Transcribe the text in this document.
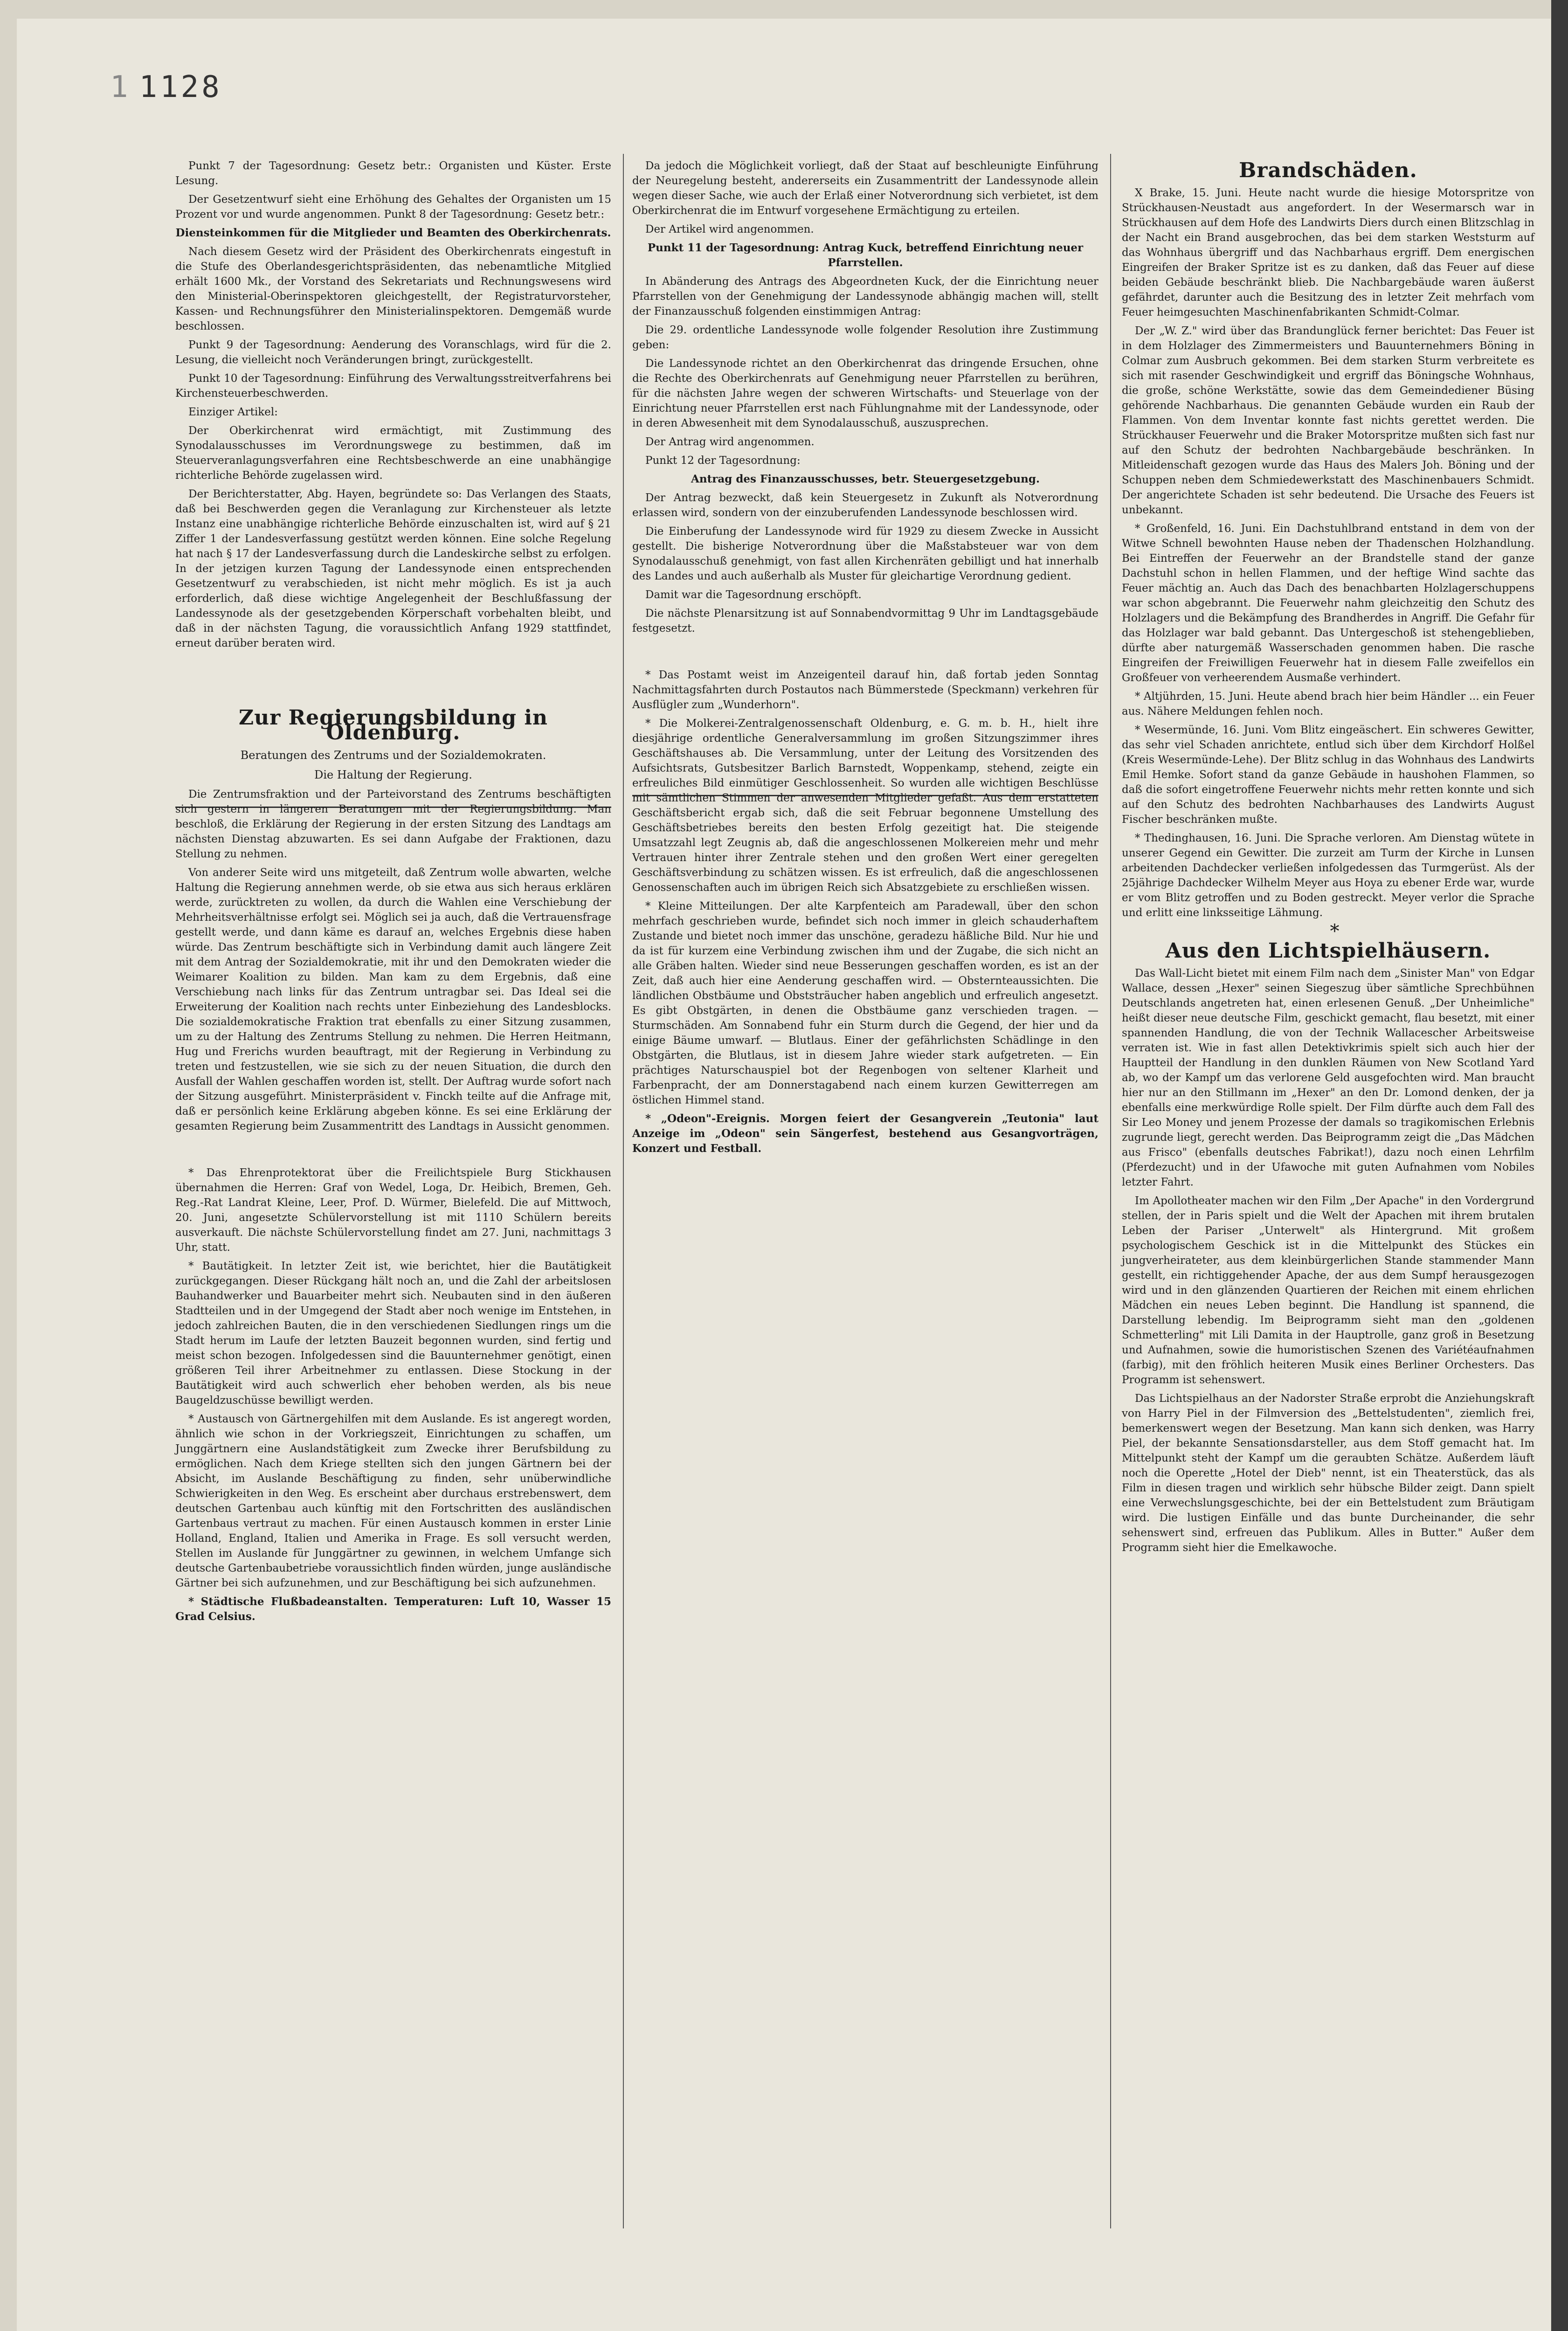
1 1128

Punkt 7 der Tagesordnung: Gesetz betr.: Organisten und Küster. Erste Lesung.

Der Gesetzentwurf sieht eine Erhöhung des Gehaltes der Organisten um 15 Prozent vor und wurde angenommen. Punkt 8 der Tagesordnung: Gesetz betr.:

Diensteinkommen für die Mitglieder und Beamten des Oberkirchenrats.

Nach diesem Gesetz wird der Präsident des Oberkirchenrats eingestuft in die Stufe des Oberlandesgerichtspräsidenten, das nebenamtliche Mitglied erhält 1600 Mk., der Vorstand des Sekretariats und Rechnungswesens wird den Ministerial-Oberinspektoren gleichgestellt, der Registraturvorsteher, Kassen- und Rechnungsführer den Ministerialinspektoren. Demgemäß wurde beschlossen.

Punkt 9 der Tagesordnung: Aenderung des Voranschlags, wird für die 2. Lesung, die vielleicht noch Veränderungen bringt, zurückgestellt.

Punkt 10 der Tagesordnung: Einführung des Verwaltungsstreitverfahrens bei Kirchensteuerbeschwerden.

Einziger Artikel:

Der Oberkirchenrat wird ermächtigt, mit Zustimmung des Synodalausschusses im Verordnungswege zu bestimmen, daß im Steuerveranlagungsverfahren eine Rechtsbeschwerde an eine unabhängige richterliche Behörde zugelassen wird.

Der Berichterstatter, Abg. Hayen, begründete so: Das Verlangen des Staats, daß bei Beschwerden gegen die Veranlagung zur Kirchensteuer als letzte Instanz eine unabhängige richterliche Behörde einzuschalten ist, wird auf § 21 Ziffer 1 der Landesverfassung gestützt werden können. Eine solche Regelung hat nach § 17 der Landesverfassung durch die Landeskirche selbst zu erfolgen. In der jetzigen kurzen Tagung der Landessynode einen entsprechenden Gesetzentwurf zu verabschieden, ist nicht mehr möglich. Es ist ja auch erforderlich, daß diese wichtige Angelegenheit der Beschlußfassung der Landessynode als der gesetzgebenden Körperschaft vorbehalten bleibt, und daß in der nächsten Tagung, die voraussichtlich Anfang 1929 stattfindet, erneut darüber beraten wird.

Zur Regierungsbildung in Oldenburg.

Beratungen des Zentrums und der Sozialdemokraten.

Die Haltung der Regierung.

Die Zentrumsfraktion und der Parteivorstand des Zentrums beschäftigten sich gestern in längeren Beratungen mit der Regierungsbildung. Man beschloß, die Erklärung der Regierung in der ersten Sitzung des Landtags am nächsten Dienstag abzuwarten. Es sei dann Aufgabe der Fraktionen, dazu Stellung zu nehmen.

Von anderer Seite wird uns mitgeteilt, daß Zentrum wolle abwarten, welche Haltung die Regierung annehmen werde, ob sie etwa aus sich heraus erklären werde, zurücktreten zu wollen, da durch die Wahlen eine Verschiebung der Mehrheitsverhältnisse erfolgt sei. Möglich sei ja auch, daß die Vertrauensfrage gestellt werde, und dann käme es darauf an, welches Ergebnis diese haben würde. Das Zentrum beschäftigte sich in Verbindung damit auch längere Zeit mit dem Antrag der Sozialdemokratie, mit ihr und den Demokraten wieder die Weimarer Koalition zu bilden. Man kam zu dem Ergebnis, daß eine Verschiebung nach links für das Zentrum untragbar sei. Das Ideal sei die Erweiterung der Koalition nach rechts unter Einbeziehung des Landesblocks. Die sozialdemokratische Fraktion trat ebenfalls zu einer Sitzung zusammen, um zu der Haltung des Zentrums Stellung zu nehmen. Die Herren Heitmann, Hug und Frerichs wurden beauftragt, mit der Regierung in Verbindung zu treten und festzustellen, wie sie sich zu der neuen Situation, die durch den Ausfall der Wahlen geschaffen worden ist, stellt. Der Auftrag wurde sofort nach der Sitzung ausgeführt. Ministerpräsident v. Finckh teilte auf die Anfrage mit, daß er persönlich keine Erklärung abgeben könne. Es sei eine Erklärung der gesamten Regierung beim Zusammentritt des Landtags in Aussicht genommen.

* Das Ehrenprotektorat über die Freilichtspiele Burg Stickhausen übernahmen die Herren: Graf von Wedel, Loga, Dr. Heibich, Bremen, Geh. Reg.-Rat Landrat Kleine, Leer, Prof. D. Würmer, Bielefeld. Die auf Mittwoch, 20. Juni, angesetzte Schülervorstellung ist mit 1110 Schülern bereits ausverkauft. Die nächste Schülervorstellung findet am 27. Juni, nachmittags 3 Uhr, statt.

* Bautätigkeit. In letzter Zeit ist, wie berichtet, hier die Bautätigkeit zurückgegangen. Dieser Rückgang hält noch an, und die Zahl der arbeitslosen Bauhandwerker und Bauarbeiter mehrt sich. Neubauten sind in den äußeren Stadtteilen und in der Umgegend der Stadt aber noch wenige im Entstehen, in jedoch zahlreichen Bauten, die in den verschiedenen Siedlungen rings um die Stadt herum im Laufe der letzten Bauzeit begonnen wurden, sind fertig und meist schon bezogen. Infolgedessen sind die Bauunternehmer genötigt, einen größeren Teil ihrer Arbeitnehmer zu entlassen. Diese Stockung in der Bautätigkeit wird auch schwerlich eher behoben werden, als bis neue Baugeldzuschüsse bewilligt werden.

* Austausch von Gärtnergehilfen mit dem Auslande. Es ist angeregt worden, ähnlich wie schon in der Vorkriegszeit, Einrichtungen zu schaffen, um Junggärtnern eine Auslandstätigkeit zum Zwecke ihrer Berufsbildung zu ermöglichen. Nach dem Kriege stellten sich den jungen Gärtnern bei der Absicht, im Auslande Beschäftigung zu finden, sehr unüberwindliche Schwierigkeiten in den Weg. Es erscheint aber durchaus erstrebenswert, dem deutschen Gartenbau auch künftig mit den Fortschritten des ausländischen Gartenbaus vertraut zu machen. Für einen Austausch kommen in erster Linie Holland, England, Italien und Amerika in Frage. Es soll versucht werden, Stellen im Auslande für Junggärtner zu gewinnen, in welchem Umfange sich deutsche Gartenbaubetriebe voraussichtlich finden würden, junge ausländische Gärtner bei sich aufzunehmen, und zur Beschäftigung bei sich aufzunehmen.

* Städtische Flußbadeanstalten. Temperaturen: Luft 10, Wasser 15 Grad Celsius.

Da jedoch die Möglichkeit vorliegt, daß der Staat auf beschleunigte Einführung der Neuregelung besteht, andererseits ein Zusammentritt der Landessynode allein wegen dieser Sache, wie auch der Erlaß einer Notverordnung sich verbietet, ist dem Oberkirchenrat die im Entwurf vorgesehene Ermächtigung zu erteilen.

Der Artikel wird angenommen.

Punkt 11 der Tagesordnung: Antrag Kuck, betreffend Einrichtung neuer Pfarrstellen.

In Abänderung des Antrags des Abgeordneten Kuck, der die Einrichtung neuer Pfarrstellen von der Genehmigung der Landessynode abhängig machen will, stellt der Finanzausschuß folgenden einstimmigen Antrag:

Die 29. ordentliche Landessynode wolle folgender Resolution ihre Zustimmung geben:

Die Landessynode richtet an den Oberkirchenrat das dringende Ersuchen, ohne die Rechte des Oberkirchenrats auf Genehmigung neuer Pfarrstellen zu berühren, für die nächsten Jahre wegen der schweren Wirtschafts- und Steuerlage von der Einrichtung neuer Pfarrstellen erst nach Fühlungnahme mit der Landessynode, oder in deren Abwesenheit mit dem Synodalausschuß, auszusprechen.

Der Antrag wird angenommen.

Punkt 12 der Tagesordnung:

Antrag des Finanzausschusses, betr. Steuergesetzgebung.

Der Antrag bezweckt, daß kein Steuergesetz in Zukunft als Notverordnung erlassen wird, sondern von der einzuberufenden Landessynode beschlossen wird.

Die Einberufung der Landessynode wird für 1929 zu diesem Zwecke in Aussicht gestellt. Die bisherige Notverordnung über die Maßstabsteuer war von dem Synodalausschuß genehmigt, von fast allen Kirchenräten gebilligt und hat innerhalb des Landes und auch außerhalb als Muster für gleichartige Verordnung gedient.

Damit war die Tagesordnung erschöpft.

Die nächste Plenarsitzung ist auf Sonnabendvormittag 9 Uhr im Landtagsgebäude festgesetzt.

* Das Postamt weist im Anzeigenteil darauf hin, daß fortab jeden Sonntag Nachmittagsfahrten durch Postautos nach Bümmerstede (Speckmann) verkehren für Ausflügler zum „Wunderhorn".

* Die Molkerei-Zentralgenossenschaft Oldenburg, e. G. m. b. H., hielt ihre diesjährige ordentliche Generalversammlung im großen Sitzungszimmer ihres Geschäftshauses ab. Die Versammlung, unter der Leitung des Vorsitzenden des Aufsichtsrats, Gutsbesitzer Barlich Barnstedt, Woppenkamp, stehend, zeigte ein erfreuliches Bild einmütiger Geschlossenheit. So wurden alle wichtigen Beschlüsse mit sämtlichen Stimmen der anwesenden Mitglieder gefaßt. Aus dem erstatteten Geschäftsbericht ergab sich, daß die seit Februar begonnene Umstellung des Geschäftsbetriebes bereits den besten Erfolg gezeitigt hat. Die steigende Umsatzzahl legt Zeugnis ab, daß die angeschlossenen Molkereien mehr und mehr Vertrauen hinter ihrer Zentrale stehen und den großen Wert einer geregelten Geschäftsverbindung zu schätzen wissen. Es ist erfreulich, daß die angeschlossenen Genossenschaften auch im übrigen Reich sich Absatzgebiete zu erschließen wissen.

* Kleine Mitteilungen. Der alte Karpfenteich am Paradewall, über den schon mehrfach geschrieben wurde, befindet sich noch immer in gleich schauderhaftem Zustande und bietet noch immer das unschöne, geradezu häßliche Bild. Nur hie und da ist für kurzem eine Verbindung zwischen ihm und der Zugabe, die sich nicht an alle Gräben halten. Wieder sind neue Besserungen geschaffen worden, es ist an der Zeit, daß auch hier eine Aenderung geschaffen wird. — Obsternteaussichten. Die ländlichen Obstbäume und Obststräucher haben angeblich und erfreulich angesetzt. Es gibt Obstgärten, in denen die Obstbäume ganz verschieden tragen. — Sturmschäden. Am Sonnabend fuhr ein Sturm durch die Gegend, der hier und da einige Bäume umwarf. — Blutlaus. Einer der gefährlichsten Schädlinge in den Obstgärten, die Blutlaus, ist in diesem Jahre wieder stark aufgetreten. — Ein prächtiges Naturschauspiel bot der Regenbogen von seltener Klarheit und Farbenpracht, der am Donnerstagabend nach einem kurzen Gewitterregen am östlichen Himmel stand.

* „Odeon"-Ereignis. Morgen feiert der Gesangverein „Teutonia" laut Anzeige im „Odeon" sein Sängerfest, bestehend aus Gesangvorträgen, Konzert und Festball.

Brandschäden.

X Brake, 15. Juni. Heute nacht wurde die hiesige Motorspritze von Strückhausen-Neustadt aus angefordert. In der Wesermarsch war in Strückhausen auf dem Hofe des Landwirts Diers durch einen Blitzschlag in der Nacht ein Brand ausgebrochen, das bei dem starken Weststurm auf das Wohnhaus übergriff und das Nachbarhaus ergriff. Dem energischen Eingreifen der Braker Spritze ist es zu danken, daß das Feuer auf diese beiden Gebäude beschränkt blieb. Die Nachbargebäude waren äußerst gefährdet, darunter auch die Besitzung des in letzter Zeit mehrfach vom Feuer heimgesuchten Maschinenfabrikanten Schmidt-Colmar.

Der „W. Z." wird über das Brandunglück ferner berichtet: Das Feuer ist in dem Holzlager des Zimmermeisters und Bauunternehmers Böning in Colmar zum Ausbruch gekommen. Bei dem starken Sturm verbreitete es sich mit rasender Geschwindigkeit und ergriff das Böningsche Wohnhaus, die große, schöne Werkstätte, sowie das dem Gemeindediener Büsing gehörende Nachbarhaus. Die genannten Gebäude wurden ein Raub der Flammen. Von dem Inventar konnte fast nichts gerettet werden. Die Strückhauser Feuerwehr und die Braker Motorspritze mußten sich fast nur auf den Schutz der bedrohten Nachbargebäude beschränken. In Mitleidenschaft gezogen wurde das Haus des Malers Joh. Böning und der Schuppen neben dem Schmiedewerkstatt des Maschinenbauers Schmidt. Der angerichtete Schaden ist sehr bedeutend. Die Ursache des Feuers ist unbekannt.

* Großenfeld, 16. Juni. Ein Dachstuhlbrand entstand in dem von der Witwe Schnell bewohnten Hause neben der Thadenschen Holzhandlung. Bei Eintreffen der Feuerwehr an der Brandstelle stand der ganze Dachstuhl schon in hellen Flammen, und der heftige Wind sachte das Feuer mächtig an. Auch das Dach des benachbarten Holzlagerschuppens war schon abgebrannt. Die Feuerwehr nahm gleichzeitig den Schutz des Holzlagers und die Bekämpfung des Brandherdes in Angriff. Die Gefahr für das Holzlager war bald gebannt. Das Untergeschoß ist stehengeblieben, dürfte aber naturgemäß Wasserschaden genommen haben. Die rasche Eingreifen der Freiwilligen Feuerwehr hat in diesem Falle zweifellos ein Großfeuer von verheerendem Ausmaße verhindert.

* Altjührden, 15. Juni. Heute abend brach hier beim Händler ... ein Feuer aus. Nähere Meldungen fehlen noch.

* Wesermünde, 16. Juni. Vom Blitz eingeäschert. Ein schweres Gewitter, das sehr viel Schaden anrichtete, entlud sich über dem Kirchdorf Holßel (Kreis Wesermünde-Lehe). Der Blitz schlug in das Wohnhaus des Landwirts Emil Hemke. Sofort stand da ganze Gebäude in haushohen Flammen, so daß die sofort eingetroffene Feuerwehr nichts mehr retten konnte und sich auf den Schutz des bedrohten Nachbarhauses des Landwirts August Fischer beschränken mußte.

* Thedinghausen, 16. Juni. Die Sprache verloren. Am Dienstag wütete in unserer Gegend ein Gewitter. Die zurzeit am Turm der Kirche in Lunsen arbeitenden Dachdecker verließen infolgedessen das Turmgerüst. Als der 25jährige Dachdecker Wilhelm Meyer aus Hoya zu ebener Erde war, wurde er vom Blitz getroffen und zu Boden gestreckt. Meyer verlor die Sprache und erlitt eine linksseitige Lähmung.

*

Aus den Lichtspielhäusern.

Das Wall-Licht bietet mit einem Film nach dem „Sinister Man" von Edgar Wallace, dessen „Hexer" seinen Siegeszug über sämtliche Sprechbühnen Deutschlands angetreten hat, einen erlesenen Genuß. „Der Unheimliche" heißt dieser neue deutsche Film, geschickt gemacht, flau besetzt, mit einer spannenden Handlung, die von der Technik Wallacescher Arbeitsweise verraten ist. Wie in fast allen Detektivkrimis spielt sich auch hier der Hauptteil der Handlung in den dunklen Räumen von New Scotland Yard ab, wo der Kampf um das verlorene Geld ausgefochten wird. Man braucht hier nur an den Stillmann im „Hexer" an den Dr. Lomond denken, der ja ebenfalls eine merkwürdige Rolle spielt. Der Film dürfte auch dem Fall des Sir Leo Money und jenem Prozesse der damals so tragikomischen Erlebnis zugrunde liegt, gerecht werden. Das Beiprogramm zeigt die „Das Mädchen aus Frisco" (ebenfalls deutsches Fabrikat!), dazu noch einen Lehrfilm (Pferdezucht) und in der Ufawoche mit guten Aufnahmen vom Nobiles letzter Fahrt.

Im Apollotheater machen wir den Film „Der Apache" in den Vordergrund stellen, der in Paris spielt und die Welt der Apachen mit ihrem brutalen Leben der Pariser „Unterwelt" als Hintergrund. Mit großem psychologischem Geschick ist in die Mittelpunkt des Stückes ein jungverheirateter, aus dem kleinbürgerlichen Stande stammender Mann gestellt, ein richtiggehender Apache, der aus dem Sumpf herausgezogen wird und in den glänzenden Quartieren der Reichen mit einem ehrlichen Mädchen ein neues Leben beginnt. Die Handlung ist spannend, die Darstellung lebendig. Im Beiprogramm sieht man den „goldenen Schmetterling" mit Lili Damita in der Hauptrolle, ganz groß in Besetzung und Aufnahmen, sowie die humoristischen Szenen des Variétéaufnahmen (farbig), mit den fröhlich heiteren Musik eines Berliner Orchesters. Das Programm ist sehenswert.

Das Lichtspielhaus an der Nadorster Straße erprobt die Anziehungskraft von Harry Piel in der Filmversion des „Bettelstudenten", ziemlich frei, bemerkenswert wegen der Besetzung. Man kann sich denken, was Harry Piel, der bekannte Sensationsdarsteller, aus dem Stoff gemacht hat. Im Mittelpunkt steht der Kampf um die geraubten Schätze. Außerdem läuft noch die Operette „Hotel der Dieb" nennt, ist ein Theaterstück, das als Film in diesen tragen und wirklich sehr hübsche Bilder zeigt. Dann spielt eine Verwechslungsgeschichte, bei der ein Bettelstudent zum Bräutigam wird. Die lustigen Einfälle und das bunte Durcheinander, die sehr sehenswert sind, erfreuen das Publikum. Alles in Butter." Außer dem Programm sieht hier die Emelkawoche.
